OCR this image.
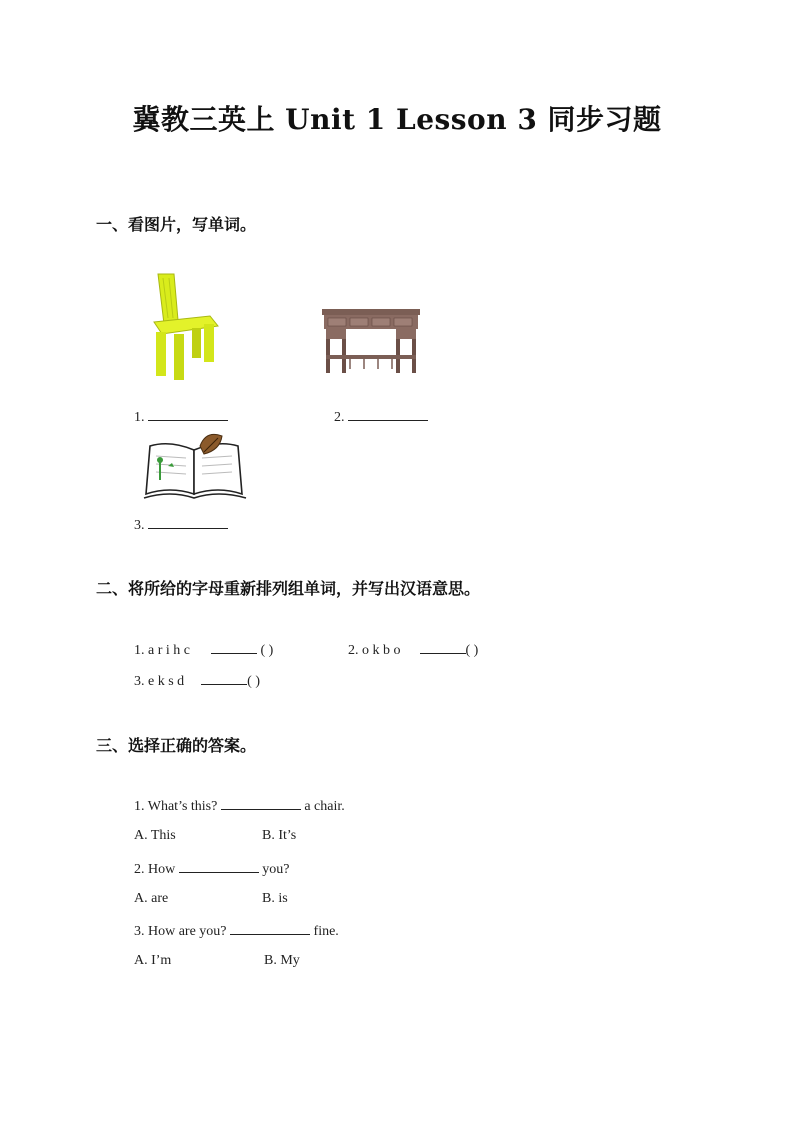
冀教三英上 Unit 1 Lesson 3 同步习题
一、看图片，写单词。
1.	2.
3.
二、将所给的字母重新排列组单词，并写出汉语意思。
1. a r i h c	( )	2. o k b o	( )
3. e k s d	( )
三、选择正确的答案。
1. What’s this?	a chair.
A. This	B. It’s
2. How	you?
A. are	B. is
3. How are you?	fine.
A. I’m	B. My
